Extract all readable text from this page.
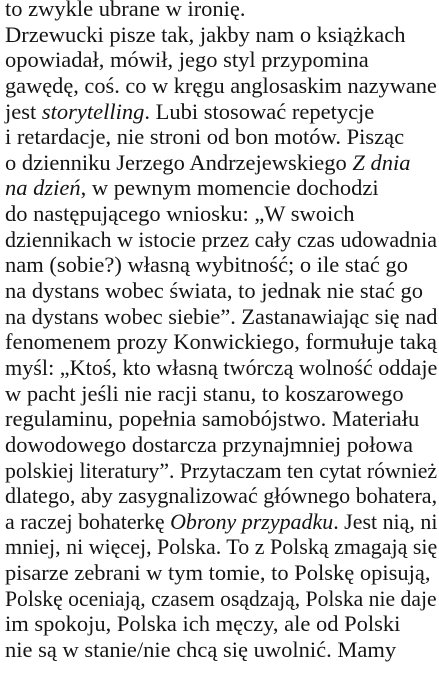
to zwykle ubrane w ironię.
Drzewucki pisze tak, jakby nam o książkach
opowiadał, mówił, jego styl przypomina
gawędę, coś. co w kręgu anglosaskim nazywane
jest storytelling. Lubi stosować repetycje
i retardacje, nie stroni od bon motów. Pisząc
o dzienniku Jerzego Andrzejewskiego Z dnia
na dzień, w pewnym momencie dochodzi
do następującego wniosku: „W swoich
dziennikach w istocie przez cały czas udowadnia
nam (sobie?) własną wybitność; o ile stać go
na dystans wobec świata, to jednak nie stać go
na dystans wobec siebie”. Zastanawiając się nad
fenomenem prozy Konwickiego, formułuje taką
myśl: „Ktoś, kto własną twórczą wolność oddaje
w pacht jeśli nie racji stanu, to koszarowego
regulaminu, popełnia samobójstwo. Materiału
dowodowego dostarcza przynajmniej połowa
polskiej literatury”. Przytaczam ten cytat również
dlatego, aby zasygnalizować głównego bohatera,
a raczej bohaterkę Obrony przypadku. Jest nią, ni
mniej, ni więcej, Polska. To z Polską zmagają się
pisarze zebrani w tym tomie, to Polskę opisują,
Polskę oceniają, czasem osądzają, Polska nie daje
im spokoju, Polska ich męczy, ale od Polski
nie są w stanie/nie chcą się uwolnić. Mamy
